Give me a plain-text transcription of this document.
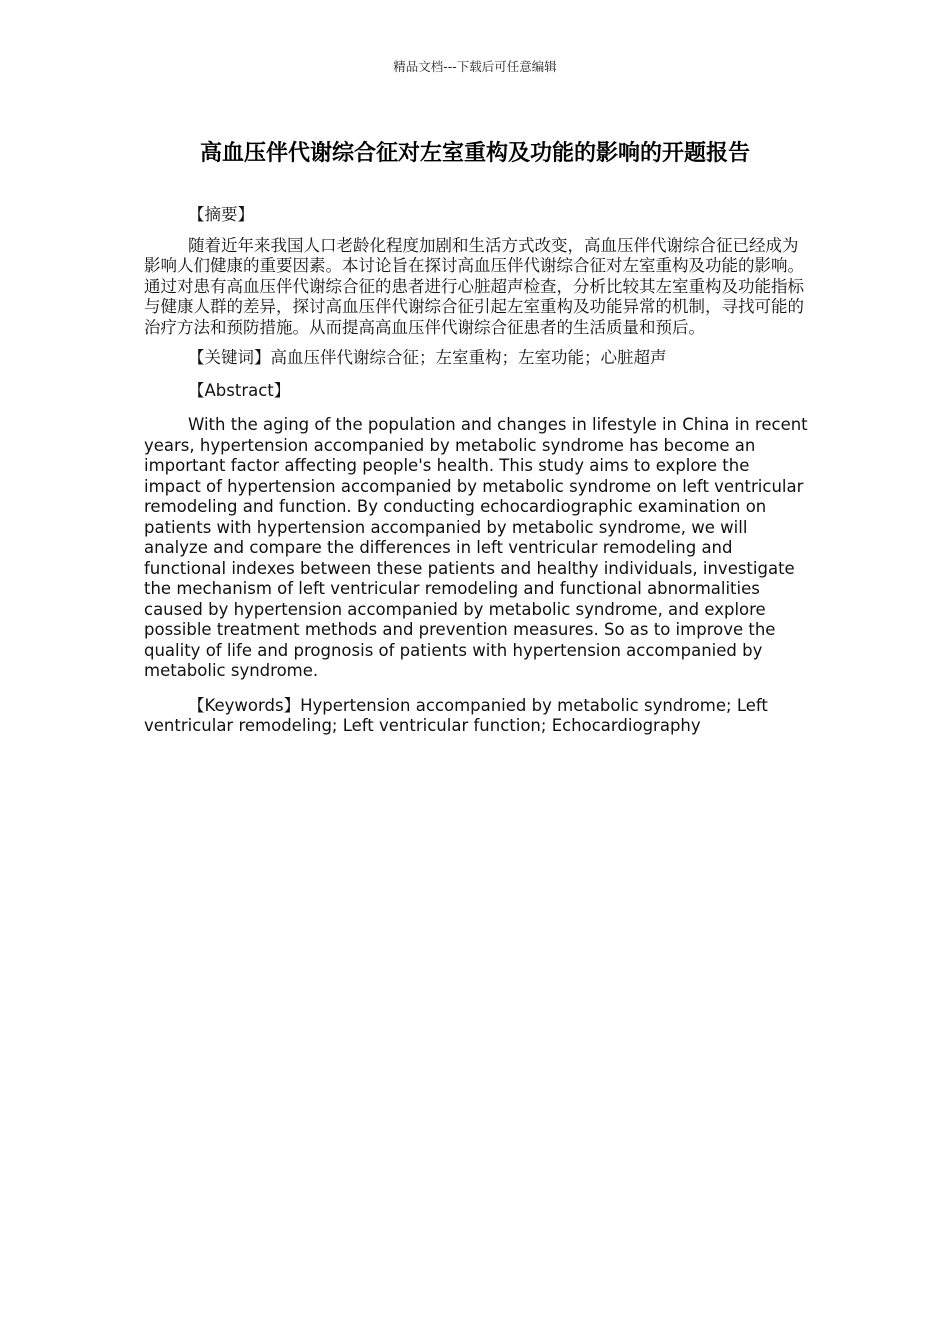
精品文档---下载后可任意编辑
高血压伴代谢综合征对左室重构及功能的影响的开题报告

【摘要】

随着近年来我国人口老龄化程度加剧和生活方式改变，高血压伴代谢综合征已经成为影响人们健康的重要因素。本讨论旨在探讨高血压伴代谢综合征对左室重构及功能的影响。通过对患有高血压伴代谢综合征的患者进行心脏超声检查，分析比较其左室重构及功能指标与健康人群的差异，探讨高血压伴代谢综合征引起左室重构及功能异常的机制，寻找可能的治疗方法和预防措施。从而提高高血压伴代谢综合征患者的生活质量和预后。

【关键词】高血压伴代谢综合征；左室重构；左室功能；心脏超声

【Abstract】

With the aging of the population and changes in lifestyle in China in recent years, hypertension accompanied by metabolic syndrome has become an important factor affecting people's health. This study aims to explore the impact of hypertension accompanied by metabolic syndrome on left ventricular remodeling and function. By conducting echocardiographic examination on patients with hypertension accompanied by metabolic syndrome, we will analyze and compare the differences in left ventricular remodeling and functional indexes between these patients and healthy individuals, investigate the mechanism of left ventricular remodeling and functional abnormalities caused by hypertension accompanied by metabolic syndrome, and explore possible treatment methods and prevention measures. So as to improve the quality of life and prognosis of patients with hypertension accompanied by metabolic syndrome.

【Keywords】Hypertension accompanied by metabolic syndrome; Left ventricular remodeling; Left ventricular function; Echocardiography
